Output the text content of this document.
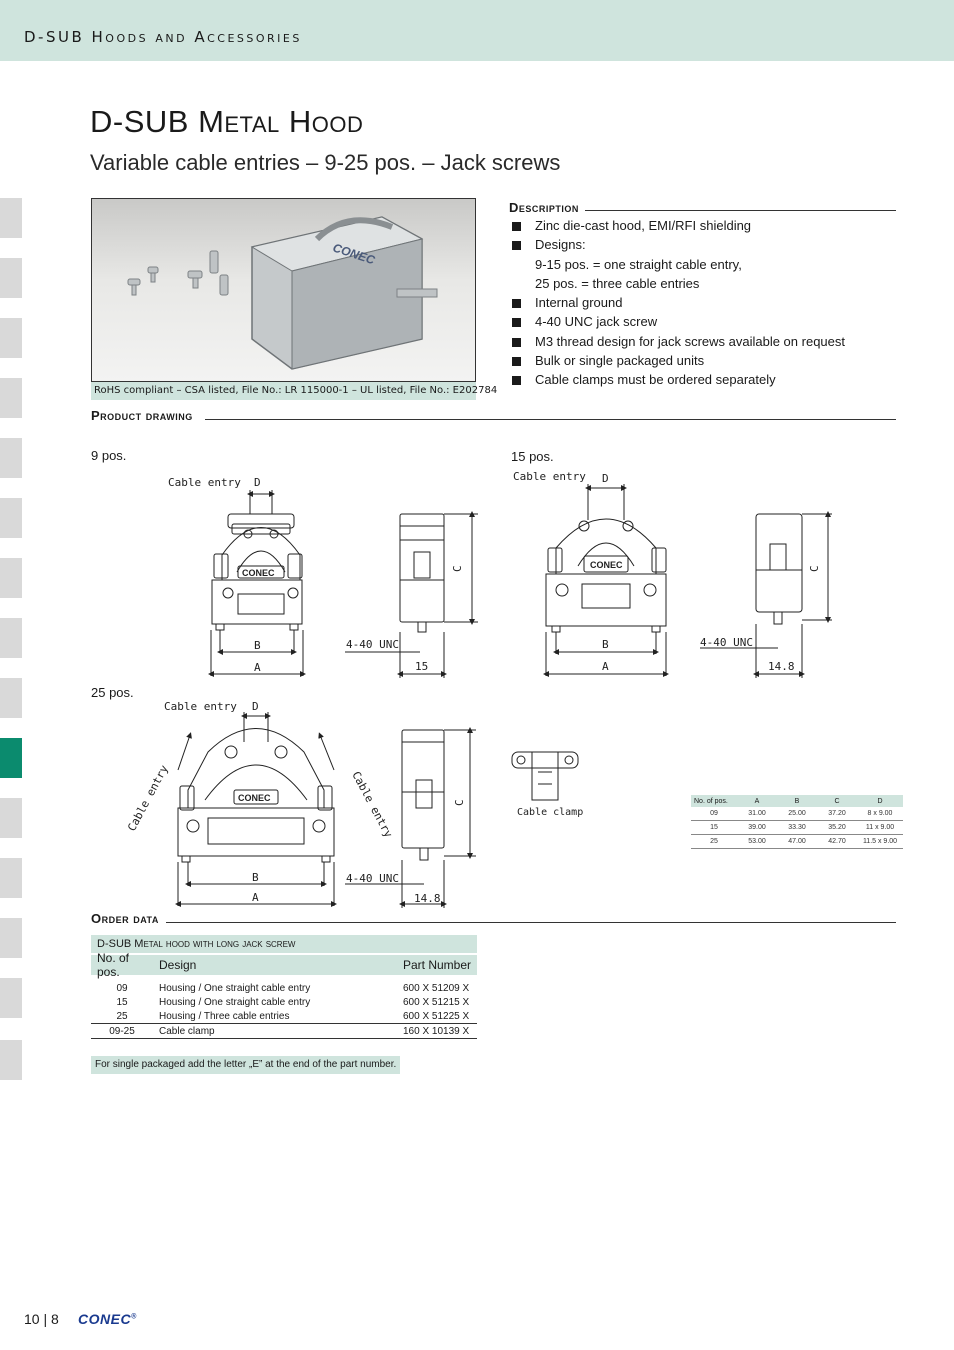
D-SUB Hoods and Accessories
D-SUB Metal Hood
Variable cable entries – 9-25 pos. – Jack screws
CONEC
RoHS compliant – CSA listed, File No.: LR 115000-1 – UL listed, File No.: E202784
Description
Zinc die-cast hood, EMI/RFI shielding
Designs:
9-15 pos. = one straight cable entry,
25 pos. = three cable entries
Internal ground
4-40 UNC jack screw
M3 thread design for jack screws available on request
Bulk or single packaged units
Cable clamps must be ordered separately
Product drawing
9 pos.	15 pos.
25 pos.
Cable entry D
B
A
4-40 UNC
C
15
Cable entry D
B
A
4-40 UNC
C
14.8
Cable entry
Cable entry	Cable entry
D
B
A
4-40 UNC
C
14.8
Cable clamp
CONEC
CONEC
CONEC	No. of pos.	A	B	C	D
09	31.00	25.00	37.20	8 x 9.00
15	39.00	33.30	35.20	11 x 9.00
25	53.00	47.00	42.70	11.5 x 9.00
Order data
D-SUB Metal hood with long jack screw
No. of pos.	Design	Part Number
09	Housing / One straight cable entry	600 X 51209 X
15	Housing / One straight cable entry	600 X 51215 X
25	Housing / Three cable entries	600 X 51225 X
09-25	Cable clamp	160 X 10139 X
For single packaged add the letter „E” at the end of the part number.
10 | 8 CONEC®
